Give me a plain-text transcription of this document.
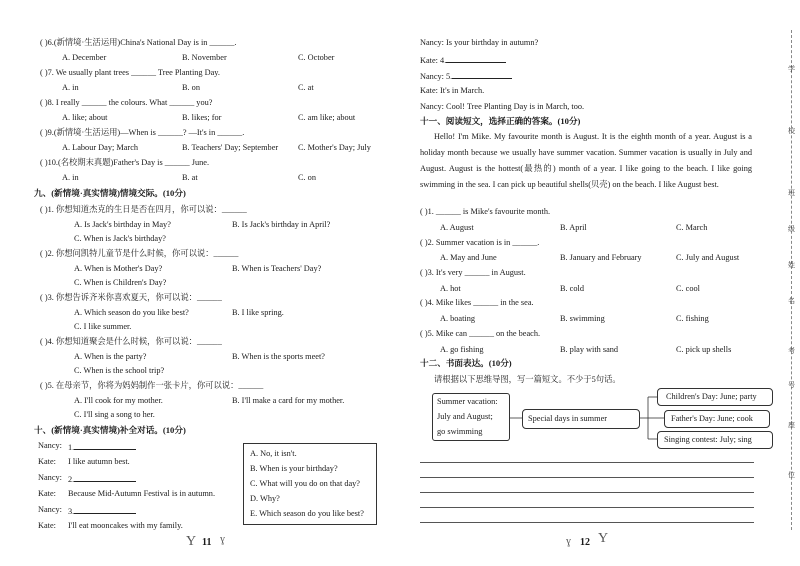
( )6.(新情境·生活运用)China's National Day is in ______.
A. December	B. November	C. October
( )7. We usually plant trees ______ Tree Planting Day.
A. in	B. on	C. at
( )8. I really ______ the colours. What ______ you?
A. like; about	B. likes; for	C. am like; about
( )9.(新情境·生活运用)—When is ______? —It's in ______.
A. Labour Day; March	B. Teachers' Day; September C. Mother's Day; July
( )10.(名校期末真题)Father's Day is ______ June.
A. in	B. at	C. on
九、(新情境·真实情境)情境交际。(10分)
( )1. 你想知道杰克的生日是否在四月，你可以说：______
A. Is Jack's birthday in May?	B. Is Jack's birthday in April?
C. When is Jack's birthday?
( )2. 你想问凯特儿童节是什么时候，你可以说：______
A. When is Mother's Day?	B. When is Teachers' Day?
C. When is Children's Day?
( )3. 你想告诉齐米你喜欢夏天，你可以说：______
A. Which season do you like best?	B. I like spring.
C. I like summer.
( )4. 你想知道聚会是什么时候，你可以说：______
A. When is the party?	B. When is the sports meet?
C. When is the school trip?
( )5. 在母亲节，你将为妈妈制作一张卡片，你可以说：______
A. I'll cook for my mother.	B. I'll make a card for my mother.
C. I'll sing a song to her.
十、(新情境·真实情境)补全对话。(10分)
Nancy: 1.
Kate: I like autumn best.
Nancy: 2.
Kate: Because Mid-Autumn Festival is in autumn.
Nancy: 3.
Kate: I'll eat mooncakes with my family.
A. No, it isn't.
B. When is your birthday?
C. What will you do on that day?
D. Why?
E. Which season do you like best?
Y 11 ɣ
Nancy: Is your birthday in autumn?
Kate: 4.
Nancy: 5.
Kate: It's in March.
Nancy: Cool! Tree Planting Day is in March, too.
十一、阅读短文，选择正确的答案。(10分)
Hello! I'm Mike. My favourite month is August. It is the eighth month of a year. August is a holiday month because we usually have summer vacation. Summer vacation is usually in July and August. August is the hottest(最热的) month of a year. I like going to the beach. I like going swimming in the sea. I can pick up beautiful shells(贝壳) on the beach. I like August best.
( )1. ______ is Mike's favourite month.
A. August	B. April	C. March
( )2. Summer vacation is in ______.
A. May and June	B. January and February	C. July and August
( )3. It's very ______ in August.
A. hot	B. cold	C. cool
( )4. Mike likes ______ in the sea.
A. boating	B. swimming	C. fishing
( )5. Mike can ______ on the beach.
A. go fishing	B. play with sand	C. pick up shells
十二、书面表达。(10分)
请根据以下思维导图，写一篇短文。不少于5句话。
Summer vacation:
July and August;
go swimming
Special days in summer
Children's Day: June; party
Father's Day: June; cook
Singing contest: July; sing
ɣ 12 Y
学
校
班
级
姓
名
考
号
座
位
